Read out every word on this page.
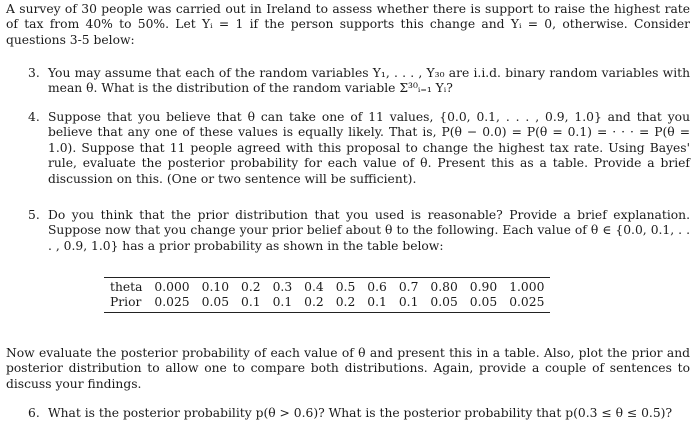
A survey of 30 people was carried out in Ireland to assess whether there is support to raise the highest rate of tax from 40% to 50%. Let Yᵢ = 1 if the person supports this change and Yᵢ = 0, otherwise. Consider questions 3-5 below:
3. You may assume that each of the random variables Y₁, . . . , Y₃₀ are i.i.d. binary random variables with mean θ. What is the distribution of the random variable Σ³⁰ᵢ₌₁ Yᵢ?
4. Suppose that you believe that θ can take one of 11 values, {0.0, 0.1, . . . , 0.9, 1.0} and that you believe that any one of these values is equally likely. That is, P(θ − 0.0) = P(θ = 0.1) = · · · = P(θ = 1.0). Suppose that 11 people agreed with this proposal to change the highest tax rate. Using Bayes' rule, evaluate the posterior probability for each value of θ. Present this as a table. Provide a brief discussion on this. (One or two sentence will be sufficient).
5. Do you think that the prior distribution that you used is reasonable? Provide a brief explanation. Suppose now that you change your prior belief about θ to the following. Each value of θ ∈ {0.0, 0.1, . . . , 0.9, 1.0} has a prior probability as shown in the table below:
theta	0.000	0.10	0.2	0.3	0.4	0.5	0.6	0.7	0.80	0.90	1.000
Prior	0.025	0.05	0.1	0.1	0.2	0.2	0.1	0.1	0.05	0.05	0.025
Now evaluate the posterior probability of each value of θ and present this in a table. Also, plot the prior and posterior distribution to allow one to compare both distributions. Again, provide a couple of sentences to discuss your findings.
6. What is the posterior probability p(θ > 0.6)? What is the posterior probability that p(0.3 ≤ θ ≤ 0.5)?
